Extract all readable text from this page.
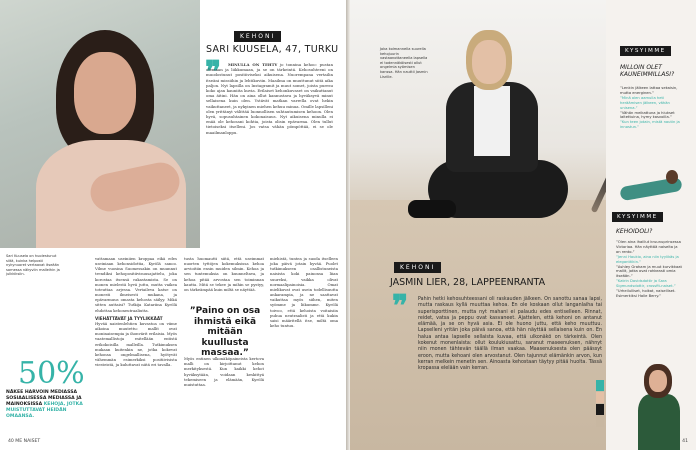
Sari Kuusela on huolestunut siitä, kuinka helposti nykynuoret vertaavat itseään somessa näkyviin malleihin ja julkkiksiin.
KEHONI
SARI KUUSELA, 47, TURKU
❞	MINULLA ON TEHTY jo tonnina kehoo: pustan olemaan ja liikkumaan, ja se on tärkeintä. Kehosuhteeni on muodostunut positiiviseksi aikuisena. Nuorempana vertailin itseäni missiihin ja lehtikuviin. Maailma on muuttunut siitä aika paljon. Nyt lapsilla on Instagramit ja muut somet, joista puresu koko ajan kauniita kuvia. Erilaiset kehonkuvaset on vaikuttanut oma äitini. Hän on aina ollut kannustava ja hyväksyvä minut sellaisena kuin olen. Ystävät matkan varrella ovat hekin vaikuttaneet, ja nykyinen miehen kehuu minua. Omille lapsilleni olen yrittänyt välittää luonnollisen suhtautumisen kehoon. Olen hyvä, sopusuhtainen kokonaisuus. Nyt aikuisena minulla ei enää ole kehosani kohtia, joista olisin epävarma. Olen tullut tietoiseksi itselleni. Jos vatsa vähän pömpöttää, ei se ole maailmanloppu.
vattamaan useiniien kroppaa eikä edes useiniaan kehonsidottia, Kyrölä sanoo. Vilme vuosina Suomessakin on muunnut trendiksi kehopositiivisuusajattelu, joka korostaa itsensä rakastamista. Se on monen mielestä hyvä juttu, mutta vaikea toteuttaa arjessa. Vertaileva katse on monesti ilmeisesti mukana, ja epävarmuus omasta kehosta säilyy. Mikä sitten auttaisi? Tutkija Katariina Kyrölä ehdottaa kehoneutraaliutta.
VIEHÄTTÄVÄT JA TYYLIKKÄÄT
Hyvää naistenlehtien kuvastoa on viime aikoina muutettu: mallit ovat moninaisempia ja ihonvärit erilaisia. Myös vaatemallistoja esitellään entistä erikokoisilla malleilla. Tutkimuksen mukaan kuitenkin ne, jotka kokevat kehonsa ongelmallisena, hyötyvät vähemmän esimerkiksi positiivisista viesteistä, ja kuluttavat niitä eri tavalla.
tusta huomautti siitä, että useimmat nuorten tyttöjen kokemuksissa kehoa arvioitiin ensin muiden silmin. Kehoa ja sen tuntemuksia on kuunneltava, ja kehoa pitää arvostaa sen toiminnan kautta. Mitä se tekee ja mihin se pystyy, on tärkeämpää kuin miltä se näyttää.
Myös entinen ulkonäköpaineista kertova malli on kirjoittanut kehon merkityksestä. Kun kaikki kehot hyväksytään, voidaan keskittyä tekemiseen ja elämään, Kyrölä muistuttaa.
”Paino on osa ihmistä eikä mitään kuullusta massaa.”
miehistä, tuntea ja suoda itselleen joka päivä jotain hyvää. Puolet tutkimukseen osallistuneista naisista koki painonsa liian suureksi, vaikka olivat normaalipainoisia. Omat mielikuvat ovat usein todellisuutta ankarampia, ja ne saattavat vaikuttaa myös siihen, miten syömme ja liikumme. Kyrölä toivoo, että kehoista voitaisiin puhua neutraalisti ja että kukin saisi määritellä itse, miltä oma keho tuntuu.
50%
NÄKEE HARVOIN MEDIASSA SOSIAALISESSA MEDIASSA JA MAINOKSISSA KEHOJA, JOTKA MUISTUTTAVAT HEIDÄN OMAANSA.
40 ME NAISET
Joka kolmannella suurella kehojuurin vastaanottaneella lapsella ei todennäköisesti ollut ongelmia syömisen kanssa. Hän nauttii Jasmin Lisrille.
KEHONI
JASMIN LIER, 28, LAPPEENRANTA
❞ Pahin hetki kehosuhteessani oli raskauden jälkeen. On sanottu sanaa lapsi, mutta raskaus kyllä muuttaa kehoa. En ole koskaan ollut langanlaiha tai superisporttinen, mutta nyt mahani ei palaudu edes entiselleen. Rinnat, reidet, vatsa ja peppu ovat kasvaneet. Ajattelen, että kehoni on antanut elämää, ja se on hyvä asia. Ei ole huono juttu, että keho muuttuu. Lapselleni yritän joka päivä sanoa, että hän näyttää sellaisena kuin on. En halua antaa lapselle sellaista kuvaa, että ulkonäkö on tärkeintä. Olen kokenut monenlaista: ollut koulukiusattu, saranut maseenuksen, nähnyt niin monen tähtevän täällä ilman vaakaa. Maasenuksesta olen päässyt eroon, mutta kehoani olen arvostanut. Olen tajunnut elämänkin arvon, kun kerran melkein menetin sen. Ainoasta kehostaan täytyy pitää huolta. Tässä kropassa elelään vain kerran.
KYSYIMME
MILLOIN OLET KAUNEIMMILLASI?
”Lenkin jälkeen lattaa sekaisin, mutta energinen.”
”Minä olen aamulla heti heräämisen jälkeen, vähän unisena.”
”Vähän meikattuna ja hiukset laitettuina, hymy kasvoilla.”
”Kun teen jotain, mistä nautin ja innostun.”
KYSYIMME
KEHOIDOLI?
”Olen aina ihaillut kruunuprinsessa Victoriaa. Hän näyttää naiselta ja on rento.”
”Jenni Haukio, aina niin tyylikäs ja eleganttikin.”
”Ashley Graham ja muut kurvikkaat mallit, jotka ovat rohkeasti omia itseään.”
”Katrin Davidsdottir ja Sara Sigmundsdottir, crossfit-naiset.”
”Urheilulliset, hoikat, naiselliset. Esimerkiksi Halle Berry.”
41
